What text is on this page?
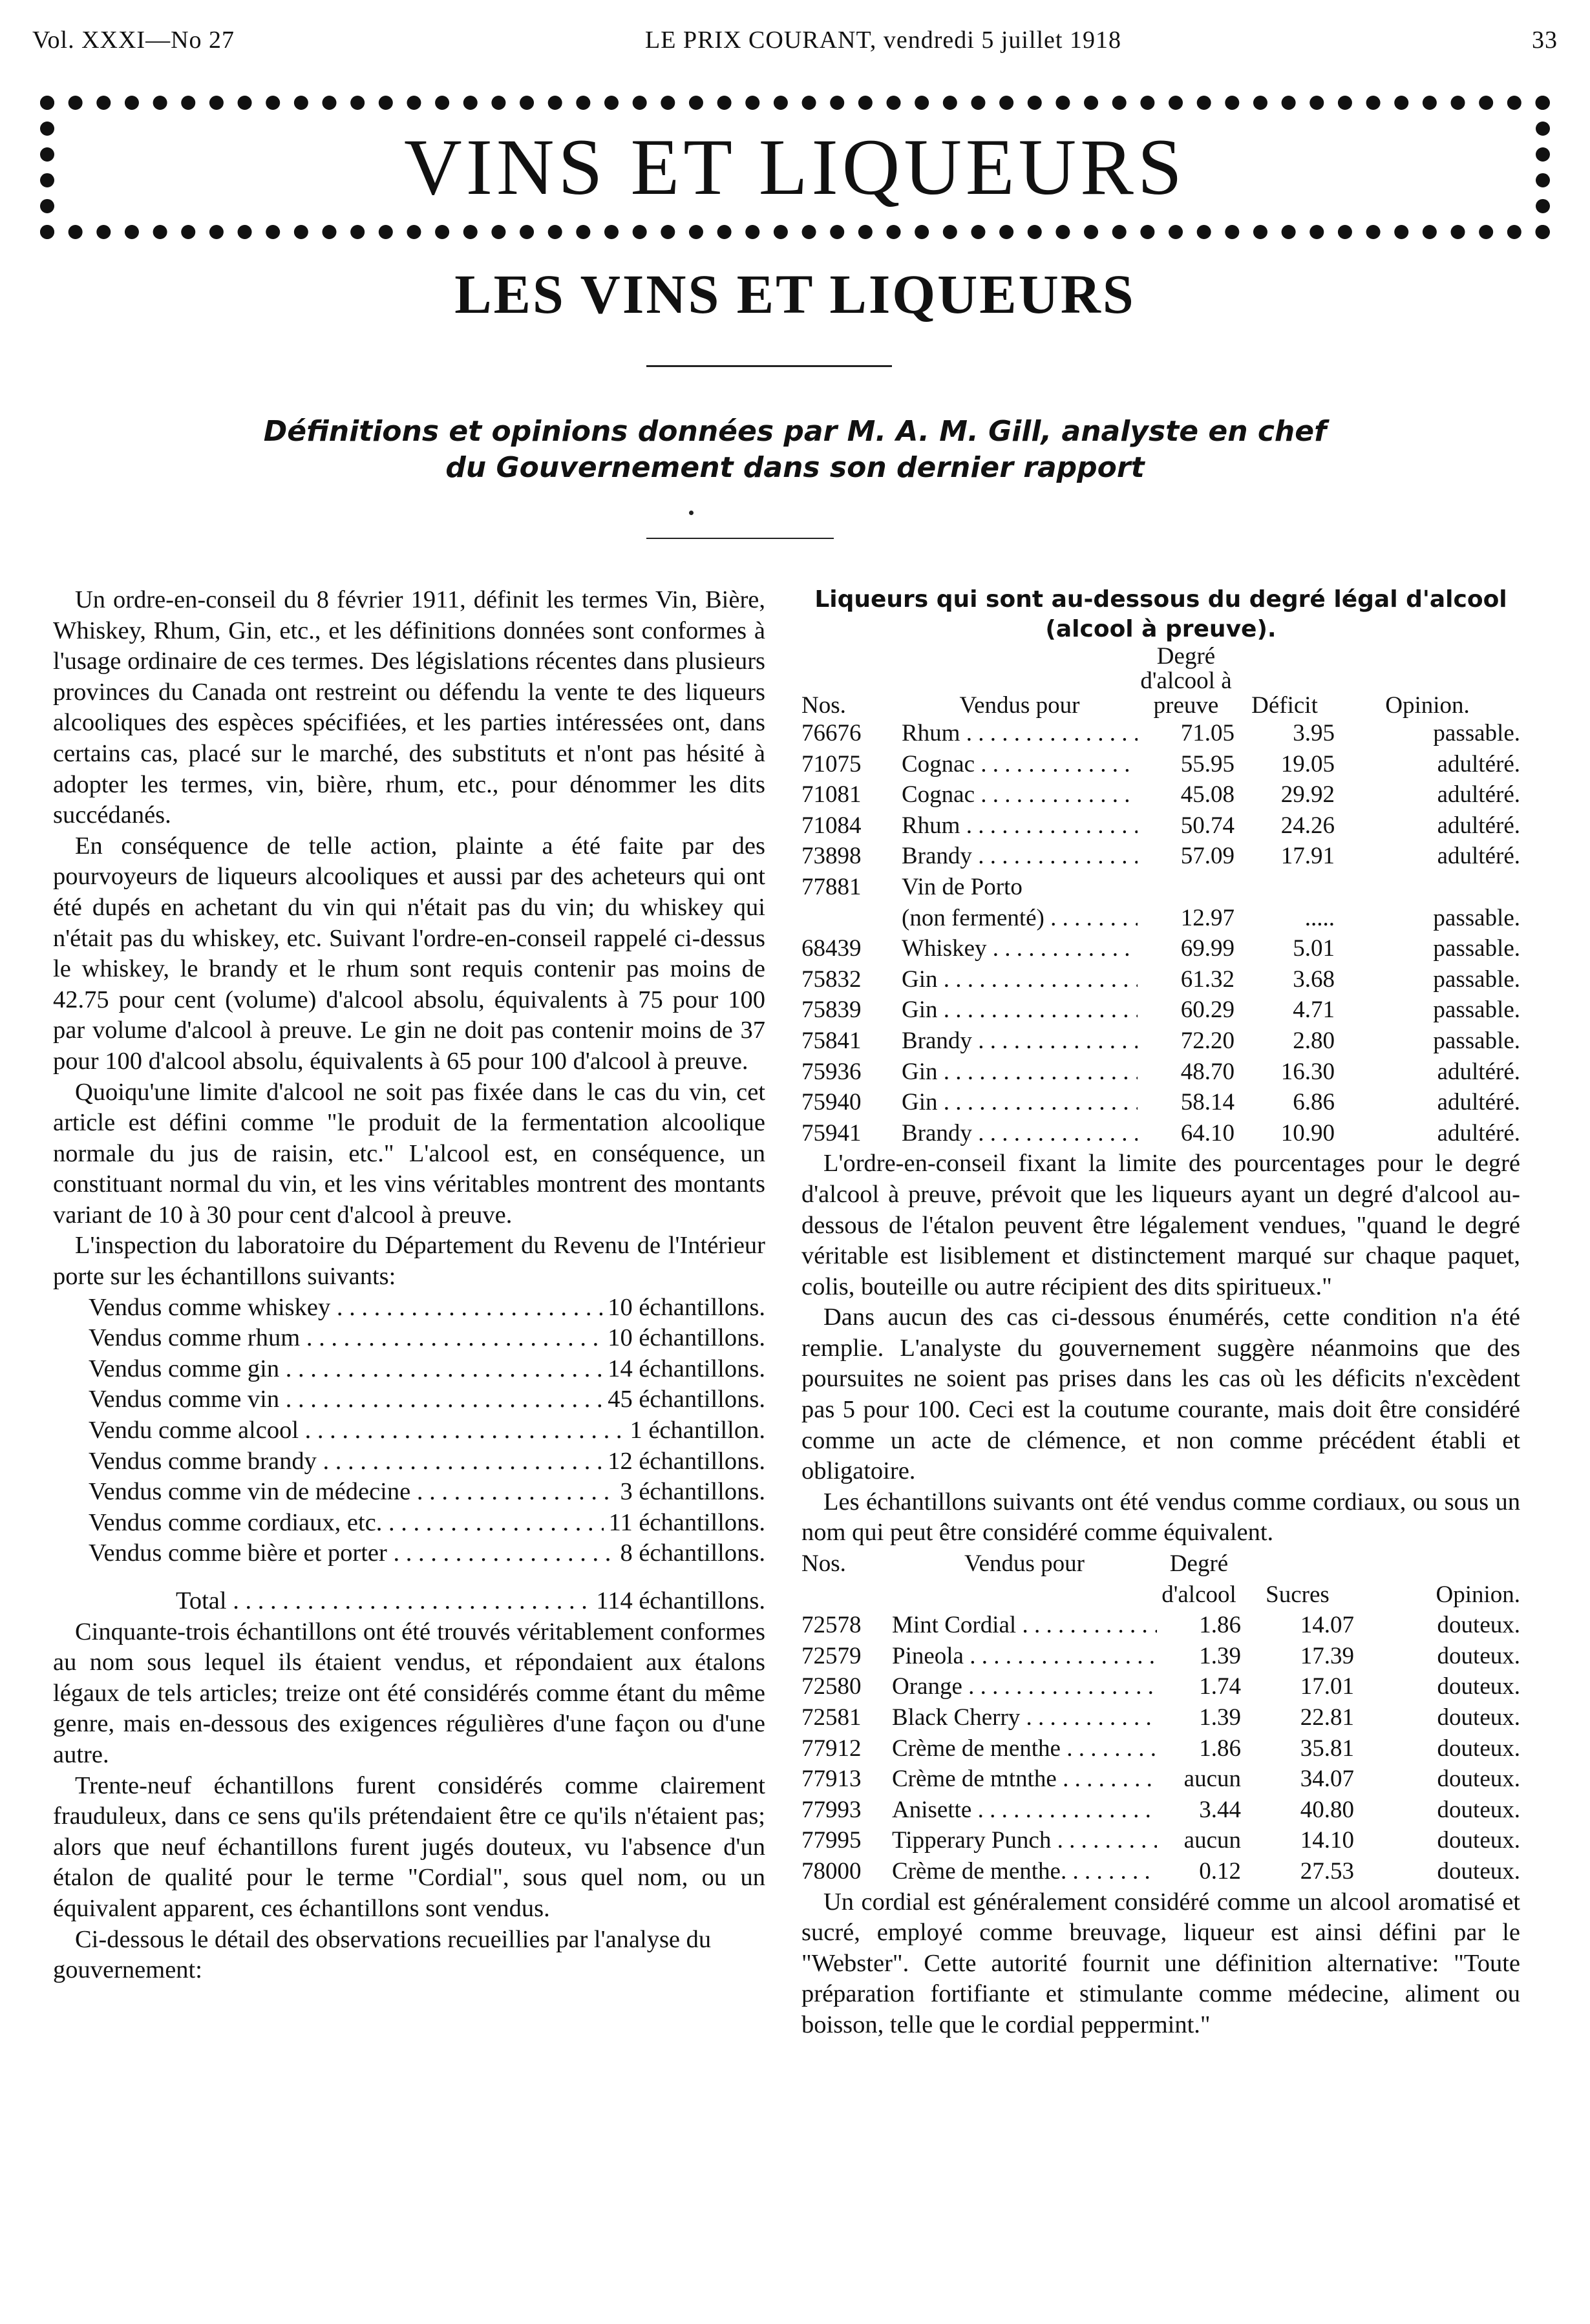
Vol. XXXI—No 27	LE PRIX COURANT, vendredi 5 juillet 1918	33
VINS ET LIQUEURS
LES VINS ET LIQUEURS
Définitions et opinions données par M. A. M. Gill, analyste en chef
du Gouvernement dans son dernier rapport

Un ordre-en-conseil du 8 février 1911, définit les termes Vin, Bière, Whiskey, Rhum, Gin, etc., et les définitions données sont conformes à l'usage ordinaire de ces termes. Des législations récentes dans plusieurs provinces du Canada ont restreint ou défendu la vente te des liqueurs alcooliques des espèces spécifiées, et les parties intéressées ont, dans certains cas, placé sur le marché, des substituts et n'ont pas hésité à adopter les termes, vin, bière, rhum, etc., pour dénommer les dits succédanés.

En conséquence de telle action, plainte a été faite par des pourvoyeurs de liqueurs alcooliques et aussi par des acheteurs qui ont été dupés en achetant du vin qui n'était pas du vin; du whiskey qui n'était pas du whiskey, etc. Suivant l'ordre-en-conseil rappelé ci-dessus le whiskey, le brandy et le rhum sont requis contenir pas moins de 42.75 pour cent (volume) d'alcool absolu, équivalents à 75 pour 100 par volume d'alcool à preuve. Le gin ne doit pas contenir moins de 37 pour 100 d'alcool absolu, équivalents à 65 pour 100 d'alcool à preuve.

Quoiqu'une limite d'alcool ne soit pas fixée dans le cas du vin, cet article est défini comme "le produit de la fermentation alcoolique normale du jus de raisin, etc." L'alcool est, en conséquence, un constituant normal du vin, et les vins véritables montrent des montants variant de 10 à 30 pour cent d'alcool à preuve.

L'inspection du laboratoire du Département du Revenu de l'Intérieur porte sur les échantillons suivants:

Vendus comme whiskey . . .	10 échantillons.
Vendus comme rhum . . .	10 échantillons.
Vendus comme gin . . .	14 échantillons.
Vendus comme vin . . .	45 échantillons.
Vendu comme alcool . . .	1 échantillon.
Vendus comme brandy . . .	12 échantillons.
Vendus comme vin de médecine . . .	3 échantillons.
Vendus comme cordiaux, etc. . . .	11 échantillons.
Vendus comme bière et porter . . .	8 échantillons.
Total . . .	114 échantillons.

Cinquante-trois échantillons ont été trouvés véritablement conformes au nom sous lequel ils étaient vendus, et répondaient aux étalons légaux de tels articles; treize ont été considérés comme étant du même genre, mais en-dessous des exigences régulières d'une façon ou d'une autre.

Trente-neuf échantillons furent considérés comme clairement frauduleux, dans ce sens qu'ils prétendaient être ce qu'ils n'étaient pas; alors que neuf échantillons furent jugés douteux, vu l'absence d'un étalon de qualité pour le terme "Cordial", sous quel nom, ou un équivalent apparent, ces échantillons sont vendus.

Ci-dessous le détail des observations recueillies par l'analyse du gouvernement:

Liqueurs qui sont au-dessous du degré légal d'alcool (alcool à preuve).
Nos.	Vendus pour	Degré d'alcool à preuve	Déficit	Opinion.
76676	Rhum . . .	71.05	3.95	passable.
71075	Cognac . . .	55.95	19.05	adultéré.
71081	Cognac . . .	45.08	29.92	adultéré.
71084	Rhum . . .	50.74	24.26	adultéré.
73898	Brandy . . .	57.09	17.91	adultéré.
77881	Vin de Porto			
	(non fermenté) . . .	12.97	.....	passable.
68439	Whiskey . . .	69.99	5.01	passable.
75832	Gin . . .	61.32	3.68	passable.
75839	Gin . . .	60.29	4.71	passable.
75841	Brandy . . .	72.20	2.80	passable.
75936	Gin . . .	48.70	16.30	adultéré.
75940	Gin . . .	58.14	6.86	adultéré.
75941	Brandy . . .	64.10	10.90	adultéré.

L'ordre-en-conseil fixant la limite des pourcentages pour le degré d'alcool à preuve, prévoit que les liqueurs ayant un degré d'alcool au-dessous de l'étalon peuvent être légalement vendues, "quand le degré véritable est lisiblement et distinctement marqué sur chaque paquet, colis, bouteille ou autre récipient des dits spiritueux."

Dans aucun des cas ci-dessous énumérés, cette condition n'a été remplie. L'analyste du gouvernement suggère néanmoins que des poursuites ne soient pas prises dans les cas où les déficits n'excèdent pas 5 pour 100. Ceci est la coutume courante, mais doit être considéré comme un acte de clémence, et non comme précédent établi et obligatoire.

Les échantillons suivants ont été vendus comme cordiaux, ou sous un nom qui peut être considéré comme équivalent.

Nos.	Vendus pour	Degré d'alcool	Sucres	Opinion.
72578	Mint Cordial . . .	1.86	14.07	douteux.
72579	Pineola . . .	1.39	17.39	douteux.
72580	Orange . . .	1.74	17.01	douteux.
72581	Black Cherry . . .	1.39	22.81	douteux.
77912	Crème de menthe . . .	1.86	35.81	douteux.
77913	Crème de mtnthe . . .	aucun	34.07	douteux.
77993	Anisette . . .	3.44	40.80	douteux.
77995	Tipperary Punch . . .	aucun	14.10	douteux.
78000	Crème de menthe. . . .	0.12	27.53	douteux.

Un cordial est généralement considéré comme un alcool aromatisé et sucré, employé comme breuvage, liqueur est ainsi défini par le "Webster". Cette autorité fournit une définition alternative: "Toute préparation fortifiante et stimulante comme médecine, aliment ou boisson, telle que le cordial peppermint."
